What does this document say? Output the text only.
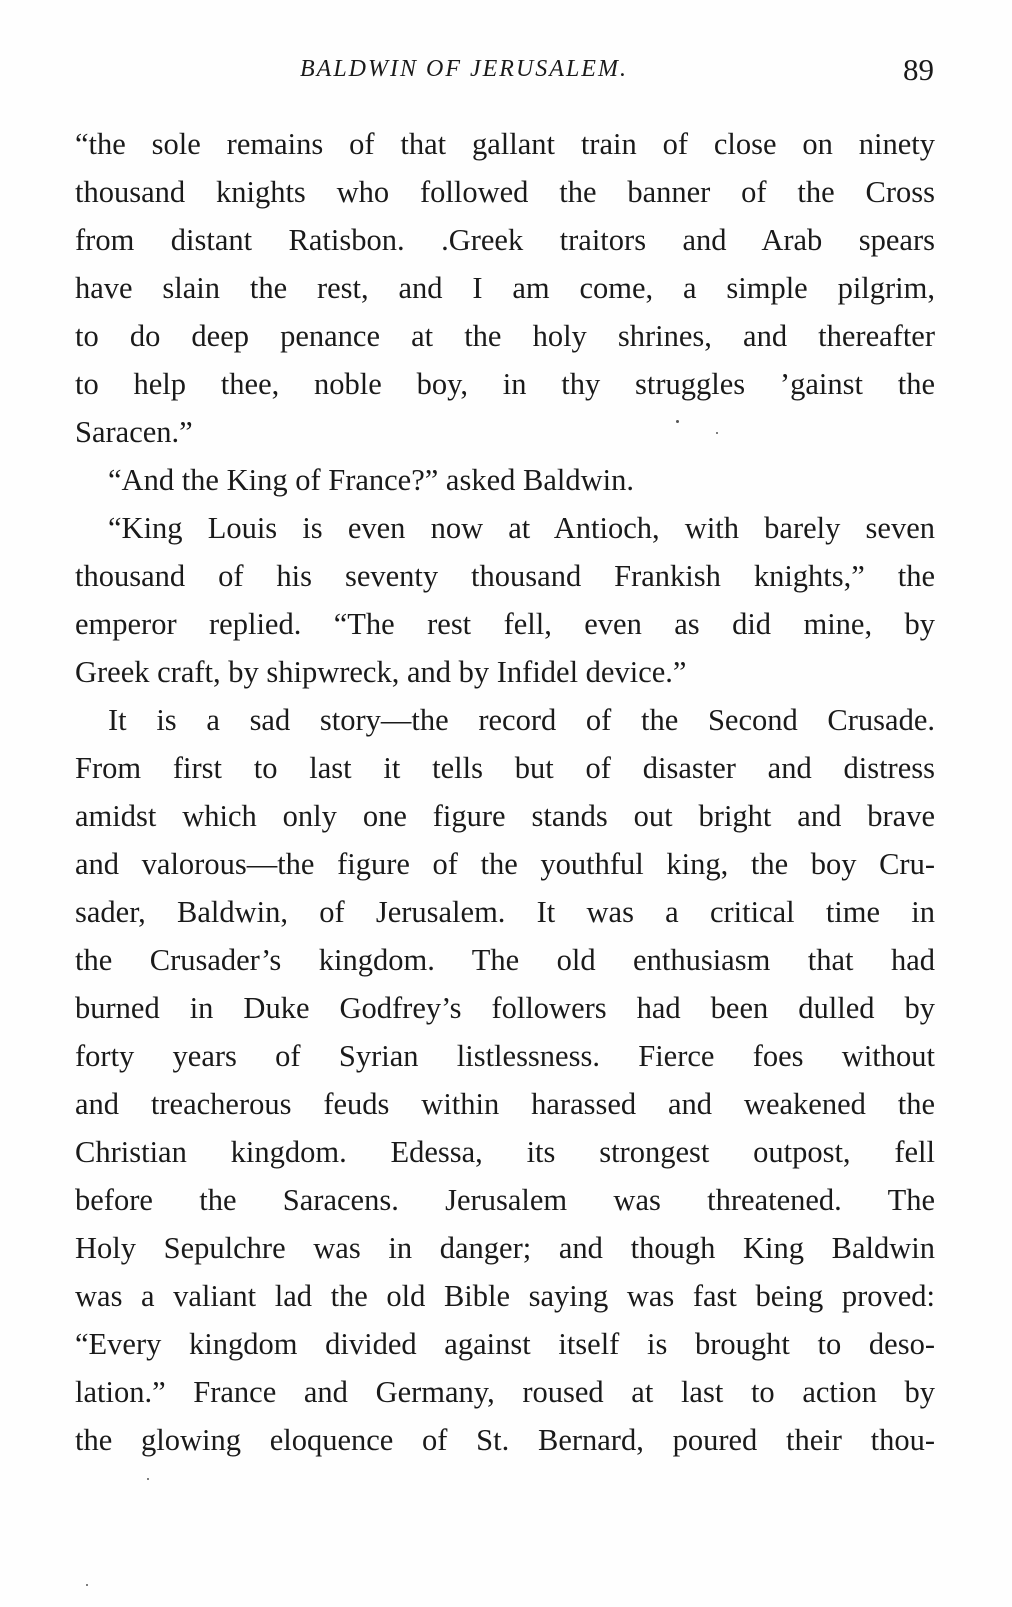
BALDWIN OF JERUSALEM.	89
“the sole remains of that gallant train of close on ninety
thousand knights who followed the banner of the Cross
from distant Ratisbon. .Greek traitors and Arab spears
have slain the rest, and I am come, a simple pilgrim,
to do deep penance at the holy shrines, and thereafter
to help thee, noble boy, in thy struggles ’gainst the
Saracen.”
“And the King of France?” asked Baldwin.
“King Louis is even now at Antioch, with barely seven
thousand of his seventy thousand Frankish knights,” the
emperor replied. “The rest fell, even as did mine, by
Greek craft, by shipwreck, and by Infidel device.”
It is a sad story—the record of the Second Crusade.
From first to last it tells but of disaster and distress
amidst which only one figure stands out bright and brave
and valorous—the figure of the youthful king, the boy Cru-
sader, Baldwin, of Jerusalem. It was a critical time in
the Crusader’s kingdom. The old enthusiasm that had
burned in Duke Godfrey’s followers had been dulled by
forty years of Syrian listlessness. Fierce foes without
and treacherous feuds within harassed and weakened the
Christian kingdom. Edessa, its strongest outpost, fell
before the Saracens. Jerusalem was threatened. The
Holy Sepulchre was in danger; and though King Baldwin
was a valiant lad the old Bible saying was fast being proved:
“Every kingdom divided against itself is brought to deso-
lation.” France and Germany, roused at last to action by
the glowing eloquence of St. Bernard, poured their thou-
